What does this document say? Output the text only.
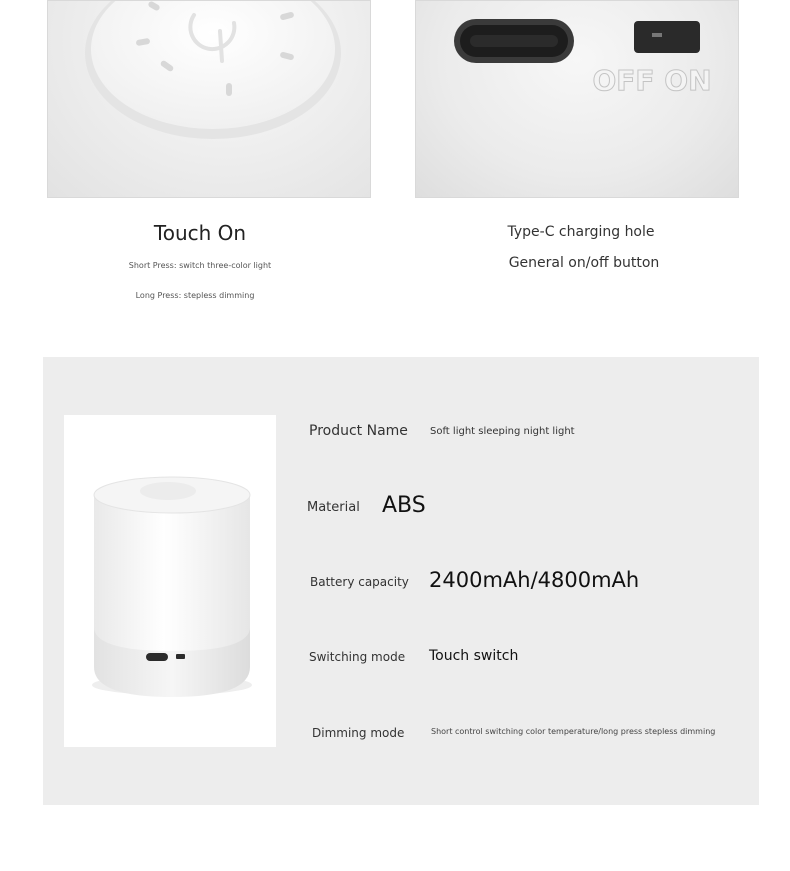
OFF ON
Touch On
Short Press: switch three-color light
Long Press: stepless dimming
Type-C charging hole
General on/off button
Product Name Soft light sleeping night light
Material ABS
Battery capacity 2400mAh/4800mAh
Switching mode Touch switch
Dimming mode	Short control switching color temperature/long press stepless dimming
